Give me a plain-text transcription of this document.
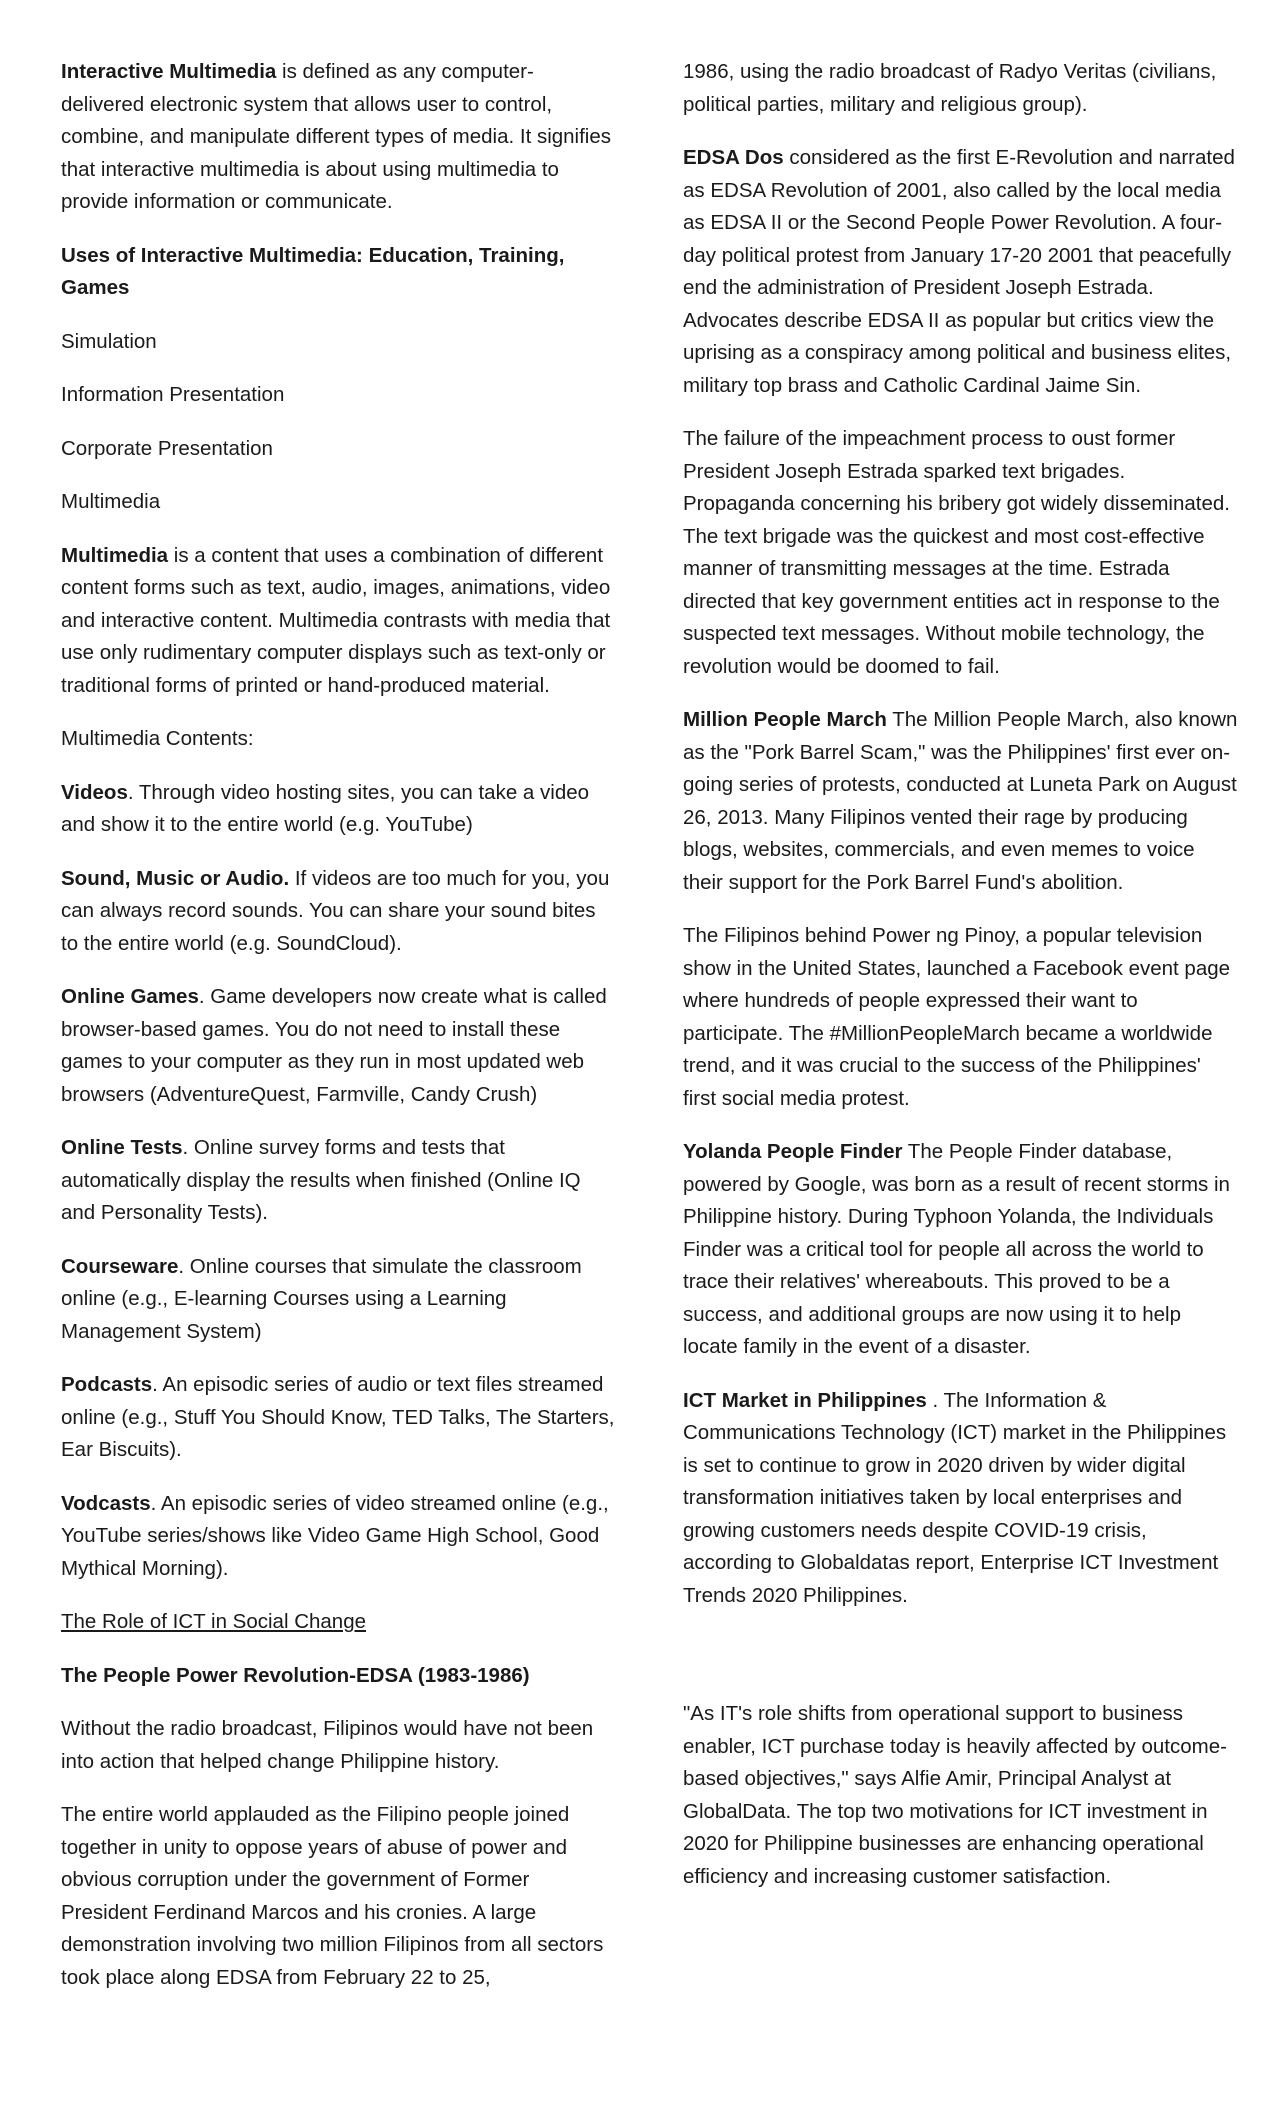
Interactive Multimedia is defined as any computer-delivered electronic system that allows user to control, combine, and manipulate different types of media. It signifies that interactive multimedia is about using multimedia to provide information or communicate.

Uses of Interactive Multimedia: Education, Training, Games

Simulation

Information Presentation

Corporate Presentation

Multimedia

Multimedia is a content that uses a combination of different content forms such as text, audio, images, animations, video and interactive content. Multimedia contrasts with media that use only rudimentary computer displays such as text-only or traditional forms of printed or hand-produced material.

Multimedia Contents:

Videos. Through video hosting sites, you can take a video and show it to the entire world (e.g. YouTube)

Sound, Music or Audio. If videos are too much for you, you can always record sounds. You can share your sound bites to the entire world (e.g. SoundCloud).

Online Games. Game developers now create what is called browser-based games. You do not need to install these games to your computer as they run in most updated web browsers (AdventureQuest, Farmville, Candy Crush)

Online Tests. Online survey forms and tests that automatically display the results when finished (Online IQ and Personality Tests).

Courseware. Online courses that simulate the classroom online (e.g., E-learning Courses using a Learning Management System)

Podcasts. An episodic series of audio or text files streamed online (e.g., Stuff You Should Know, TED Talks, The Starters, Ear Biscuits).

Vodcasts. An episodic series of video streamed online (e.g., YouTube series/shows like Video Game High School, Good Mythical Morning).

The Role of ICT in Social Change

The People Power Revolution-EDSA (1983-1986)

Without the radio broadcast, Filipinos would have not been into action that helped change Philippine history.

The entire world applauded as the Filipino people joined together in unity to oppose years of abuse of power and obvious corruption under the government of Former President Ferdinand Marcos and his cronies. A large demonstration involving two million Filipinos from all sectors took place along EDSA from February 22 to 25,

1986, using the radio broadcast of Radyo Veritas (civilians, political parties, military and religious group).

EDSA Dos considered as the first E-Revolution and narrated as EDSA Revolution of 2001, also called by the local media as EDSA II or the Second People Power Revolution. A four-day political protest from January 17-20 2001 that peacefully end the administration of President Joseph Estrada. Advocates describe EDSA II as popular but critics view the uprising as a conspiracy among political and business elites, military top brass and Catholic Cardinal Jaime Sin.

The failure of the impeachment process to oust former President Joseph Estrada sparked text brigades. Propaganda concerning his bribery got widely disseminated. The text brigade was the quickest and most cost-effective manner of transmitting messages at the time. Estrada directed that key government entities act in response to the suspected text messages. Without mobile technology, the revolution would be doomed to fail.

Million People March The Million People March, also known as the "Pork Barrel Scam," was the Philippines' first ever on-going series of protests, conducted at Luneta Park on August 26, 2013. Many Filipinos vented their rage by producing blogs, websites, commercials, and even memes to voice their support for the Pork Barrel Fund's abolition.

The Filipinos behind Power ng Pinoy, a popular television show in the United States, launched a Facebook event page where hundreds of people expressed their want to participate. The #MillionPeopleMarch became a worldwide trend, and it was crucial to the success of the Philippines' first social media protest.

Yolanda People Finder The People Finder database, powered by Google, was born as a result of recent storms in Philippine history. During Typhoon Yolanda, the Individuals Finder was a critical tool for people all across the world to trace their relatives' whereabouts. This proved to be a success, and additional groups are now using it to help locate family in the event of a disaster.

ICT Market in Philippines . The Information & Communications Technology (ICT) market in the Philippines is set to continue to grow in 2020 driven by wider digital transformation initiatives taken by local enterprises and growing customers needs despite COVID-19 crisis, according to Globaldatas report, Enterprise ICT Investment Trends 2020 Philippines.

"As IT's role shifts from operational support to business enabler, ICT purchase today is heavily affected by outcome-based objectives," says Alfie Amir, Principal Analyst at GlobalData. The top two motivations for ICT investment in 2020 for Philippine businesses are enhancing operational efficiency and increasing customer satisfaction.
